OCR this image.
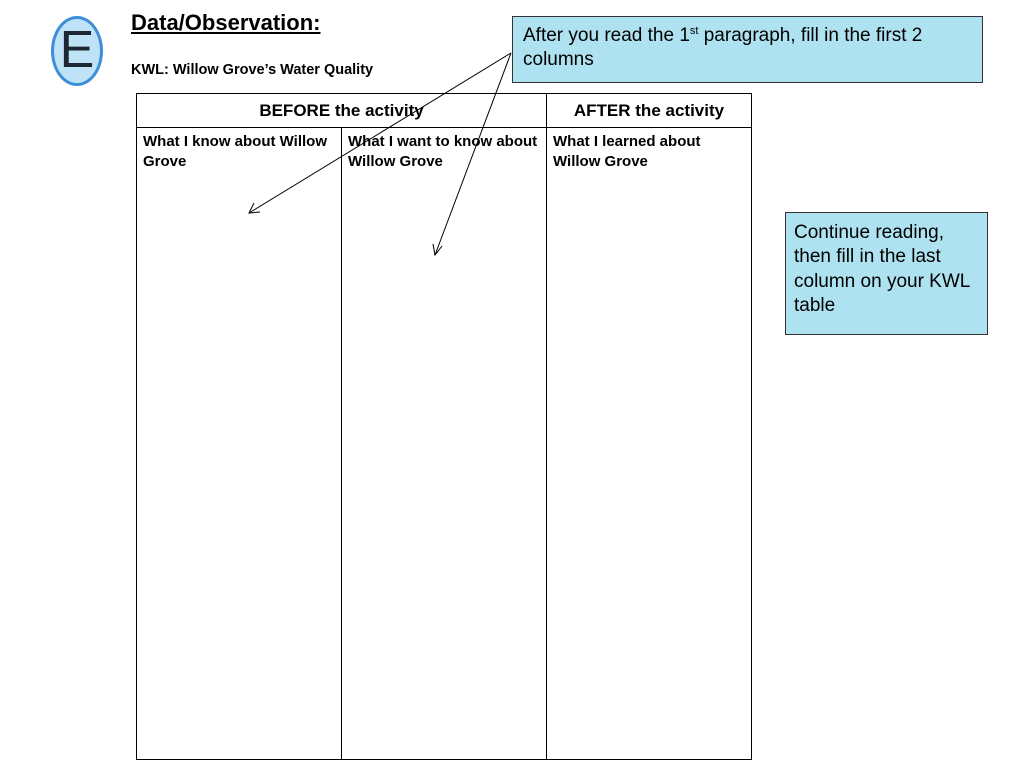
E Data/Observation:
KWL: Willow Grove’s Water Quality
BEFORE the activity		AFTER the activity
What I know about Willow Grove	What I want to know about Willow Grove	What I learned about Willow Grove
After you read the 1st paragraph, fill in the first 2 columns
Continue reading, then fill in the last column on your KWL table
